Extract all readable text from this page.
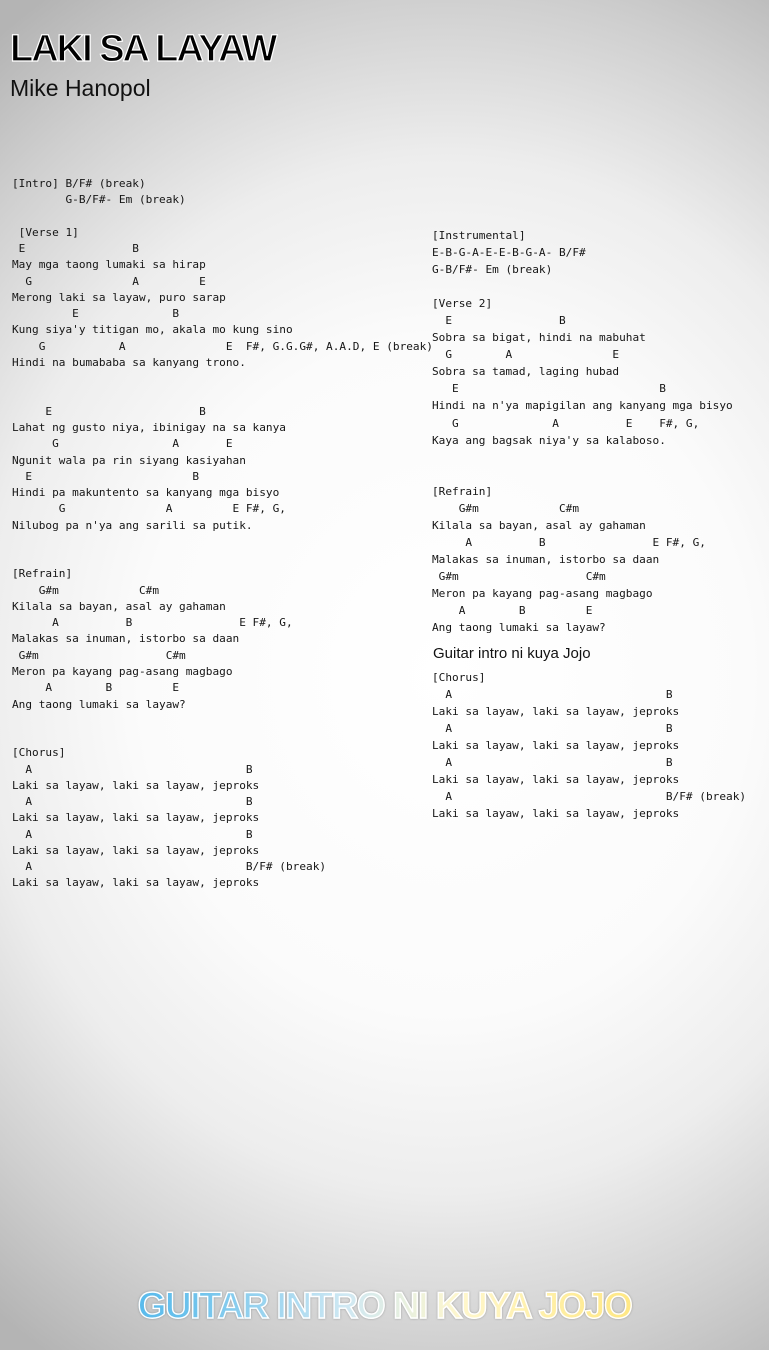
LAKI SA LAYAW
Mike Hanopol
[Intro] B/F# (break)
G-B/F#- Em (break)

[Verse 1]
E                B
May mga taong lumaki sa hirap
G               A         E
Merong laki sa layaw, puro sarap
E              B
Kung siya'y titigan mo, akala mo kung sino
G           A               E  F#, G.G.G#, A.A.D, E (break)
Hindi na bumababa sa kanyang trono.

E                      B
Lahat ng gusto niya, ibinigay na sa kanya
G                 A       E
Ngunit wala pa rin siyang kasiyahan
E                        B
Hindi pa makuntento sa kanyang mga bisyo
G               A         E F#, G,
Nilubog pa n'ya ang sarili sa putik.

[Refrain]
G#m            C#m
Kilala sa bayan, asal ay gahaman
A          B                E F#, G,
Malakas sa inuman, istorbo sa daan
G#m                   C#m
Meron pa kayang pag-asang magbago
A        B         E
Ang taong lumaki sa layaw?

[Chorus]
A                                B
Laki sa layaw, laki sa layaw, jeproks
A                                B
Laki sa layaw, laki sa layaw, jeproks
A                                B
Laki sa layaw, laki sa layaw, jeproks
A                                B/F# (break)
Laki sa layaw, laki sa layaw, jeproks
[Instrumental]
E-B-G-A-E-E-B-G-A- B/F#
G-B/F#- Em (break)

[Verse 2]
E                B
Sobra sa bigat, hindi na mabuhat
G        A               E
Sobra sa tamad, laging hubad
E                              B
Hindi na n'ya mapigilan ang kanyang mga bisyo
G              A          E    F#, G,
Kaya ang bagsak niya'y sa kalaboso.

[Refrain]
G#m            C#m
Kilala sa bayan, asal ay gahaman
A          B                E F#, G,
Malakas sa inuman, istorbo sa daan
G#m                   C#m
Meron pa kayang pag-asang magbago
A        B         E
Ang taong lumaki sa layaw?
Guitar intro ni kuya Jojo
[Chorus]
A                                B
Laki sa layaw, laki sa layaw, jeproks
A                                B
Laki sa layaw, laki sa layaw, jeproks
A                                B
Laki sa layaw, laki sa layaw, jeproks
A                                B/F# (break)
Laki sa layaw, laki sa layaw, jeproks
GUITAR INTRO NI KUYA JOJO
